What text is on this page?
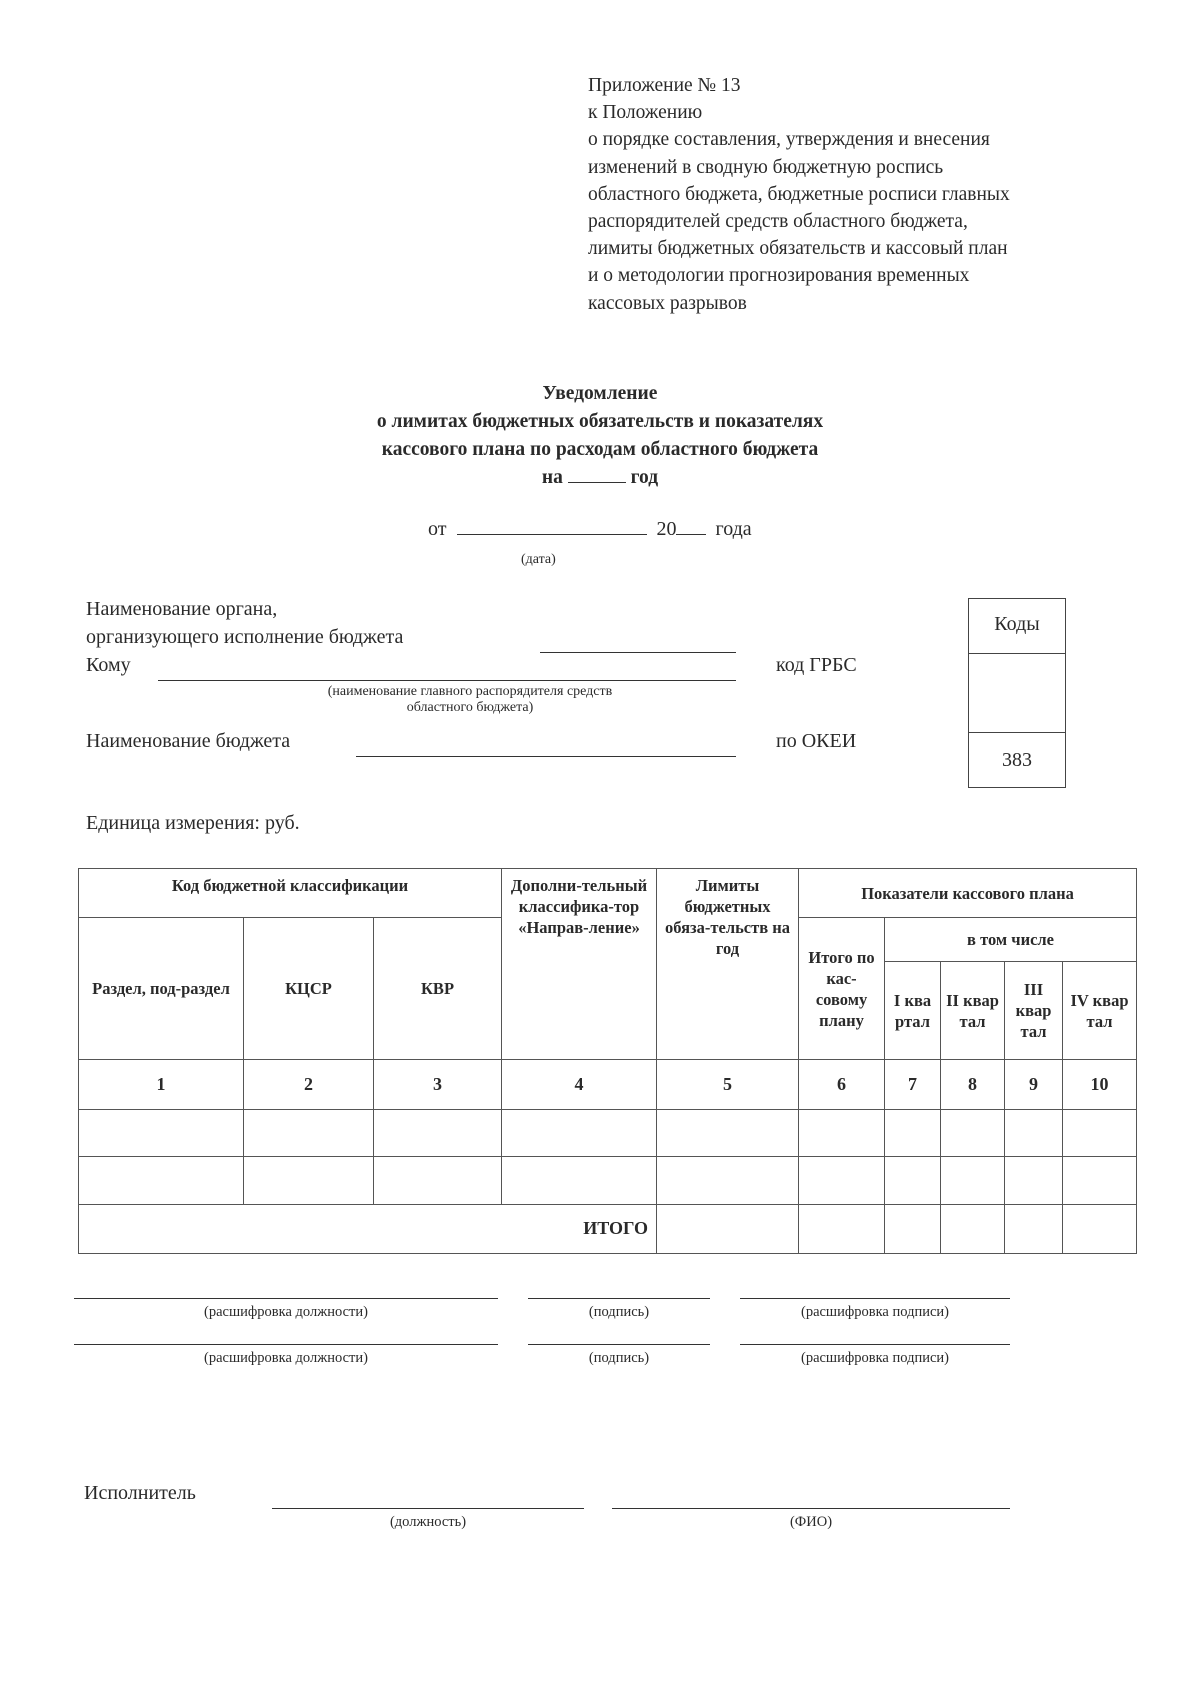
Приложение № 13
к Положению
о порядке составления, утверждения и внесения
изменений в сводную бюджетную роспись
областного бюджета, бюджетные росписи главных
распорядителей средств областного бюджета,
лимиты бюджетных обязательств и кассовый план
и о методологии прогнозирования временных
кассовых разрывов
Уведомление
о лимитах бюджетных обязательств и показателях
кассового плана по расходам областного бюджета
на	год
от	20 года
(дата)
Наименование органа,
организующего исполнение бюджета
Кому	код ГРБС
(наименование главного распорядителя средств
областного бюджета)
Наименование бюджета	по ОКЕИ
Коды
383
Единица измерения: руб.
Код бюджетной классификации			Дополни-тельный классифика-тор «Направ-ление»	Лимиты бюджетных обяза-тельств на год	Показатели кассового плана				
Раздел, под-раздел	КЦСР	КВР			Итого по кас-совому плану	в том числе			
						I ква ртал	II квар тал	III квар тал	IV квар тал
1	2	3	4	5	6	7	8	9	10

ИТОГО									
(расшифровка должности)	(подпись)	(расшифровка подписи)
(расшифровка должности)	(подпись)	(расшифровка подписи)
Исполнитель
(должность)	(ФИО)
